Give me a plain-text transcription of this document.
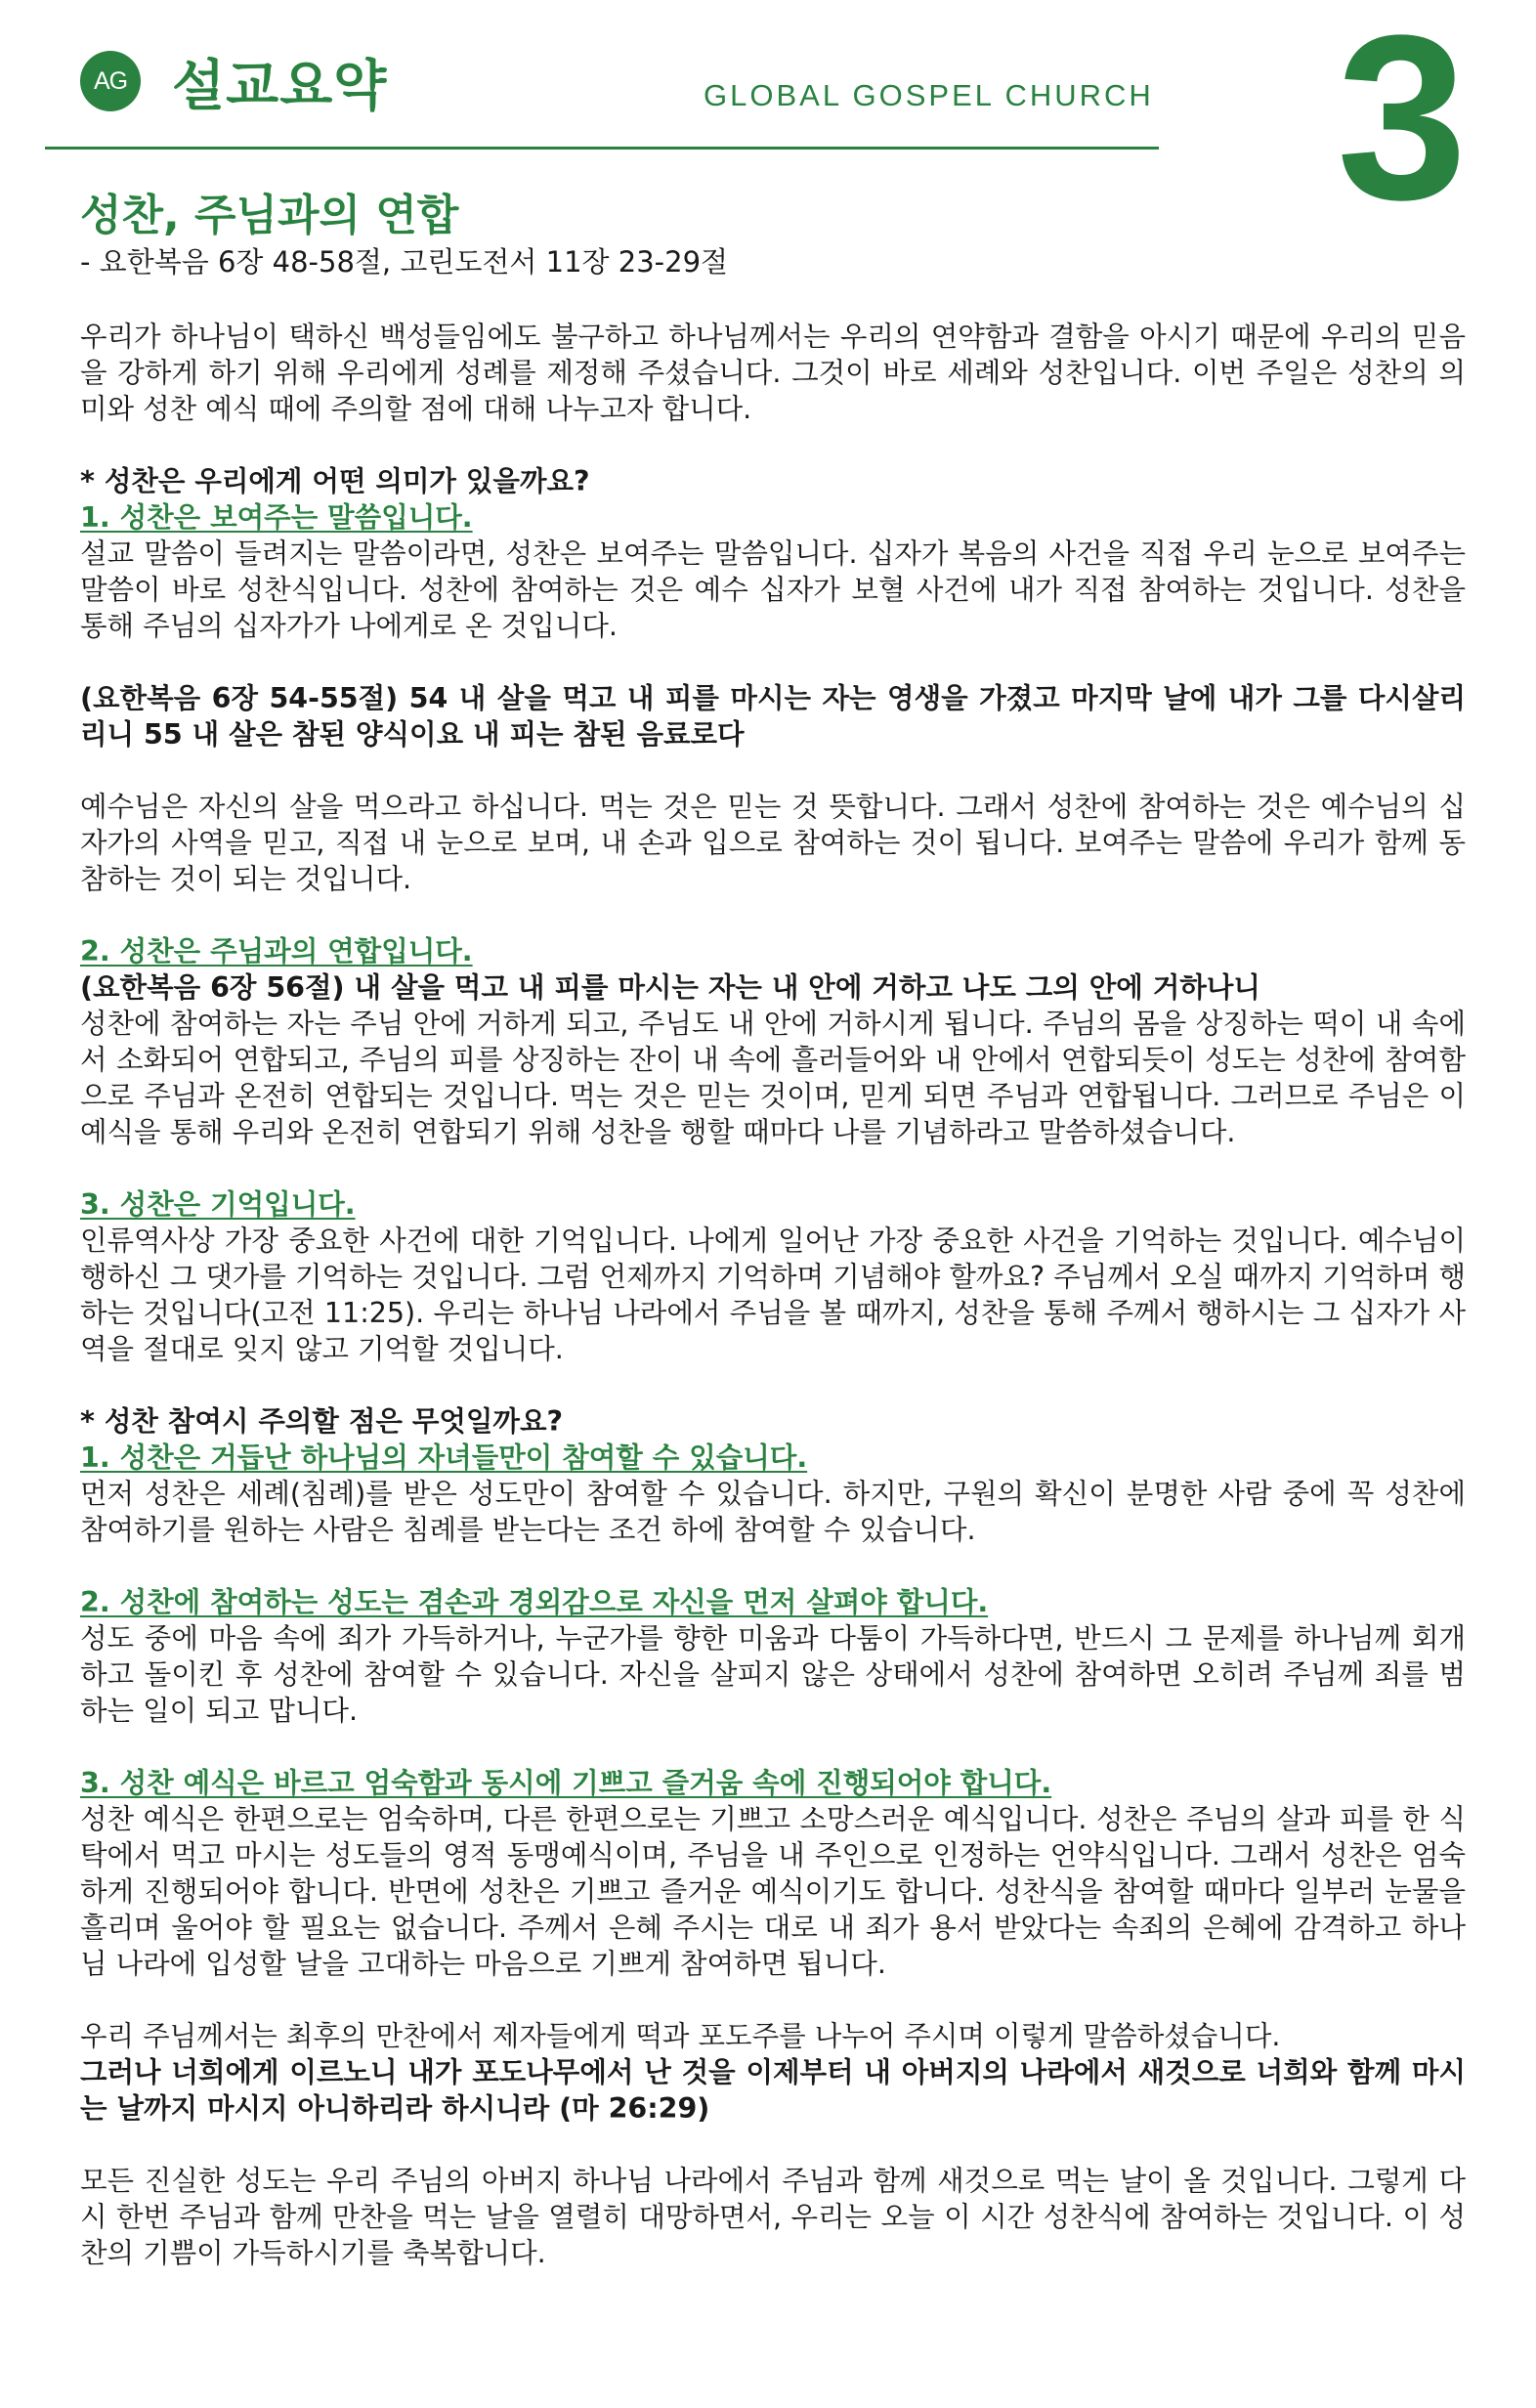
AG 설교요약	GLOBAL GOSPEL CHURCH 3
성찬, 주님과의 연합
- 요한복음 6장 48-58절, 고린도전서 11장 23-29절

우리가 하나님이 택하신 백성들임에도 불구하고 하나님께서는 우리의 연약함과 결함을 아시기 때문에 우리의 믿음을 강하게 하기 위해 우리에게 성례를 제정해 주셨습니다. 그것이 바로 세례와 성찬입니다. 이번 주일은 성찬의 의미와 성찬 예식 때에 주의할 점에 대해 나누고자 합니다.

* 성찬은 우리에게 어떤 의미가 있을까요?

1. 성찬은 보여주는 말씀입니다.

설교 말씀이 들려지는 말씀이라면, 성찬은 보여주는 말씀입니다. 십자가 복음의 사건을 직접 우리 눈으로 보여주는 말씀이 바로 성찬식입니다. 성찬에 참여하는 것은 예수 십자가 보혈 사건에 내가 직접 참여하는 것입니다. 성찬을 통해 주님의 십자가가 나에게로 온 것입니다.

(요한복음 6장 54-55절) 54 내 살을 먹고 내 피를 마시는 자는 영생을 가졌고 마지막 날에 내가 그를 다시살리리니 55 내 살은 참된 양식이요 내 피는 참된 음료로다

예수님은 자신의 살을 먹으라고 하십니다. 먹는 것은 믿는 것 뜻합니다. 그래서 성찬에 참여하는 것은 예수님의 십자가의 사역을 믿고, 직접 내 눈으로 보며, 내 손과 입으로 참여하는 것이 됩니다. 보여주는 말씀에 우리가 함께 동참하는 것이 되는 것입니다.

2. 성찬은 주님과의 연합입니다.

(요한복음 6장 56절) 내 살을 먹고 내 피를 마시는 자는 내 안에 거하고 나도 그의 안에 거하나니

성찬에 참여하는 자는 주님 안에 거하게 되고, 주님도 내 안에 거하시게 됩니다. 주님의 몸을 상징하는 떡이 내 속에서 소화되어 연합되고, 주님의 피를 상징하는 잔이 내 속에 흘러들어와 내 안에서 연합되듯이 성도는 성찬에 참여함으로 주님과 온전히 연합되는 것입니다. 먹는 것은 믿는 것이며, 믿게 되면 주님과 연합됩니다. 그러므로 주님은 이 예식을 통해 우리와 온전히 연합되기 위해 성찬을 행할 때마다 나를 기념하라고 말씀하셨습니다.

3. 성찬은 기억입니다.

인류역사상 가장 중요한 사건에 대한 기억입니다. 나에게 일어난 가장 중요한 사건을 기억하는 것입니다. 예수님이 행하신 그 댓가를 기억하는 것입니다. 그럼 언제까지 기억하며 기념해야 할까요? 주님께서 오실 때까지 기억하며 행하는 것입니다(고전 11:25). 우리는 하나님 나라에서 주님을 볼 때까지, 성찬을 통해 주께서 행하시는 그 십자가 사역을 절대로 잊지 않고 기억할 것입니다.

* 성찬 참여시 주의할 점은 무엇일까요?

1. 성찬은 거듭난 하나님의 자녀들만이 참여할 수 있습니다.

먼저 성찬은 세례(침례)를 받은 성도만이 참여할 수 있습니다. 하지만, 구원의 확신이 분명한 사람 중에 꼭 성찬에 참여하기를 원하는 사람은 침례를 받는다는 조건 하에 참여할 수 있습니다.

2. 성찬에 참여하는 성도는 겸손과 경외감으로 자신을 먼저 살펴야 합니다.

성도 중에 마음 속에 죄가 가득하거나, 누군가를 향한 미움과 다툼이 가득하다면, 반드시 그 문제를 하나님께 회개하고 돌이킨 후 성찬에 참여할 수 있습니다. 자신을 살피지 않은 상태에서 성찬에 참여하면 오히려 주님께 죄를 범하는 일이 되고 맙니다.

3. 성찬 예식은 바르고 엄숙함과 동시에 기쁘고 즐거움 속에 진행되어야 합니다.

성찬 예식은 한편으로는 엄숙하며, 다른 한편으로는 기쁘고 소망스러운 예식입니다. 성찬은 주님의 살과 피를 한 식탁에서 먹고 마시는 성도들의 영적 동맹예식이며, 주님을 내 주인으로 인정하는 언약식입니다. 그래서 성찬은 엄숙하게 진행되어야 합니다. 반면에 성찬은 기쁘고 즐거운 예식이기도 합니다. 성찬식을 참여할 때마다 일부러 눈물을 흘리며 울어야 할 필요는 없습니다. 주께서 은혜 주시는 대로 내 죄가 용서 받았다는 속죄의 은혜에 감격하고 하나님 나라에 입성할 날을 고대하는 마음으로 기쁘게 참여하면 됩니다.

우리 주님께서는 최후의 만찬에서 제자들에게 떡과 포도주를 나누어 주시며 이렇게 말씀하셨습니다.

그러나 너희에게 이르노니 내가 포도나무에서 난 것을 이제부터 내 아버지의 나라에서 새것으로 너희와 함께 마시는 날까지 마시지 아니하리라 하시니라 (마 26:29)

모든 진실한 성도는 우리 주님의 아버지 하나님 나라에서 주님과 함께 새것으로 먹는 날이 올 것입니다. 그렇게 다시 한번 주님과 함께 만찬을 먹는 날을 열렬히 대망하면서, 우리는 오늘 이 시간 성찬식에 참여하는 것입니다. 이 성찬의 기쁨이 가득하시기를 축복합니다.
